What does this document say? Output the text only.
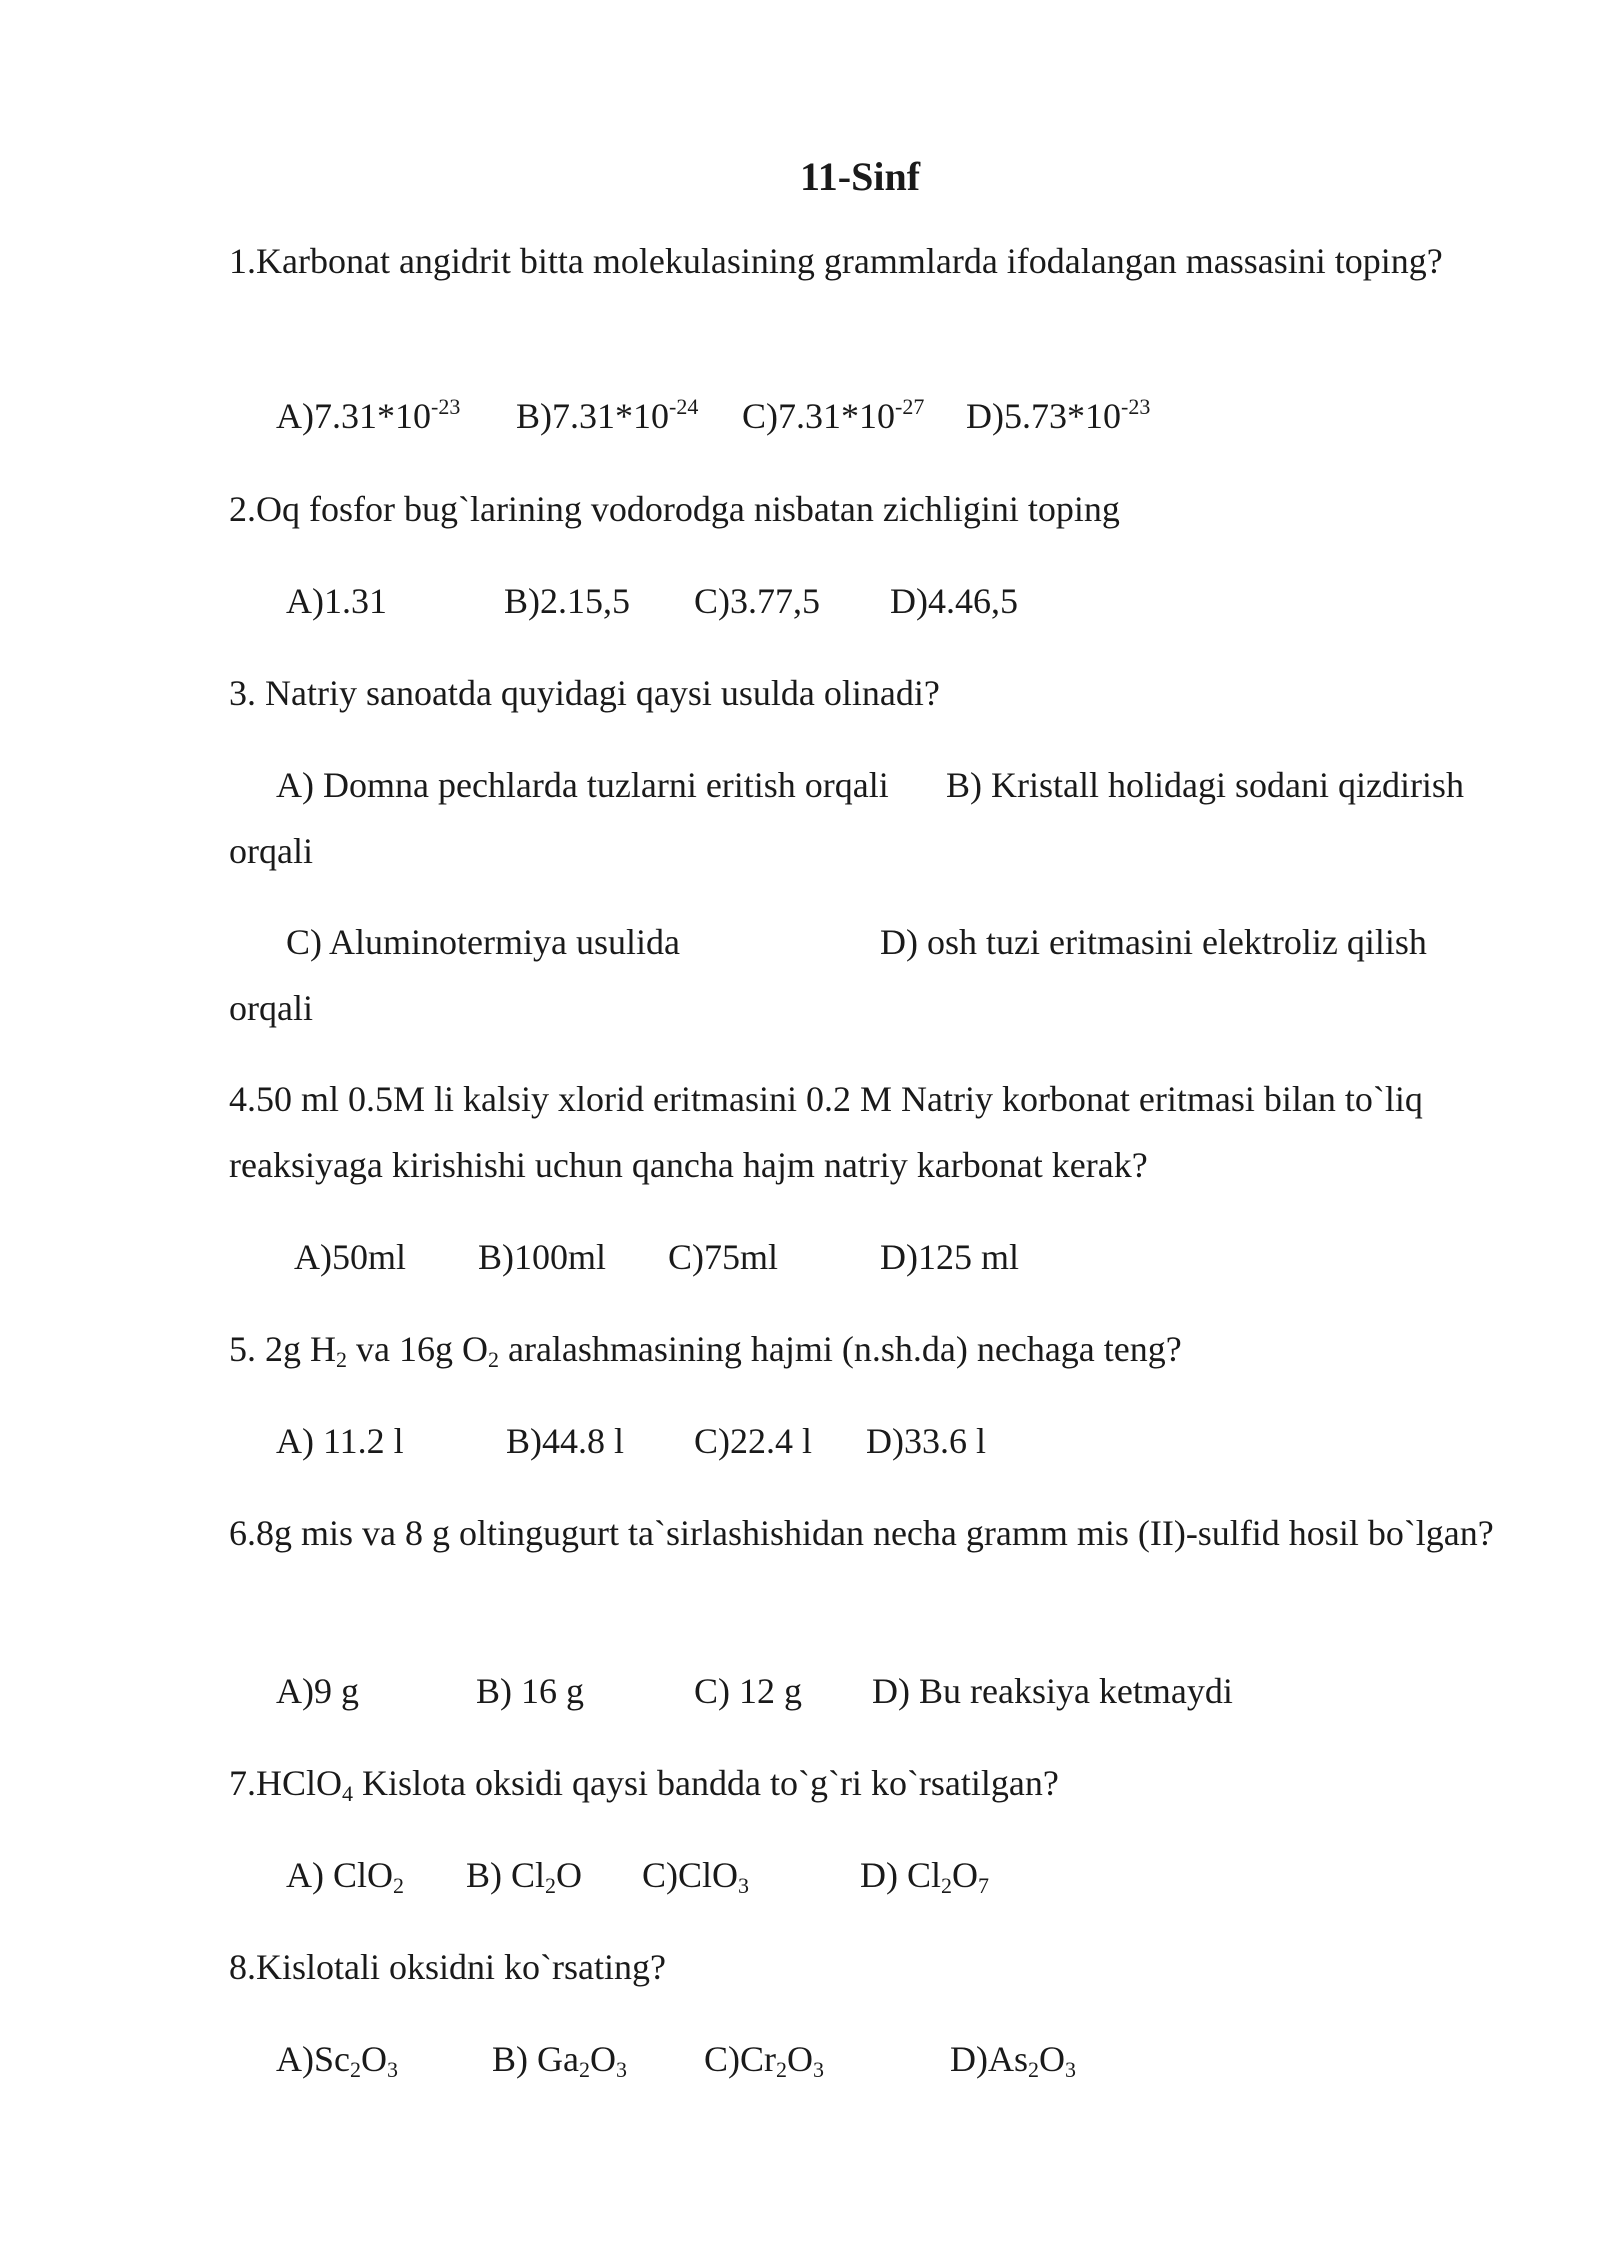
11-Sinf
1.Karbonat angidrit bitta molekulasining grammlarda ifodalangan massasini toping?
$A)7.31*10^{-23}$ $B)7.31*10^{-24}$ $C)7.31*10^{-27}$ $D)5.73*10^{-23}$
2.Oq fosfor bug`larining vodorodga nisbatan zichligini toping
A)1.31	B)2.15,5 C)3.77,5 D)4.46,5
3. Natriy sanoatda quyidagi qaysi usulda olinadi?
A) Domna pechlarda tuzlarni eritish orqali B) Kristall holidagi sodani qizdirish
orqali
C) Aluminotermiya usulida	D) osh tuzi eritmasini elektroliz qilish
orqali
4.50 ml 0.5M li kalsiy xlorid eritmasini 0.2 M Natriy korbonat eritmasi bilan to`liq reaksiyaga kirishishi uchun qancha hajm natriy karbonat kerak?
A)50ml B)100ml C)75ml	D)125 ml
5. 2g $H_2$ va 16g $O_2$ aralashmasining hajmi (n.sh.da) nechaga teng?
A) 11.2 l	B)44.8 l C)22.4 l D)33.6 l
6.8g mis va 8 g oltingugurt ta`sirlashishidan necha gramm mis (II)-sulfid hosil bo`lgan?
A)9 g	B) 16 g	C) 12 g D) Bu reaksiya ketmaydi
7.HClO$_4$ Kislota oksidi qaysi bandda to`g`ri ko`rsatilgan?
A) ClO$_2$ B) $Cl_2O$ C)ClO$_3$	D) $Cl_2O_7$
8.Kislotali oksidni ko`rsating?
$A)Sc_2O_3$	B) $Ga_2O_3$ $C)Cr_2O_3$	$D)As_2O_3$
